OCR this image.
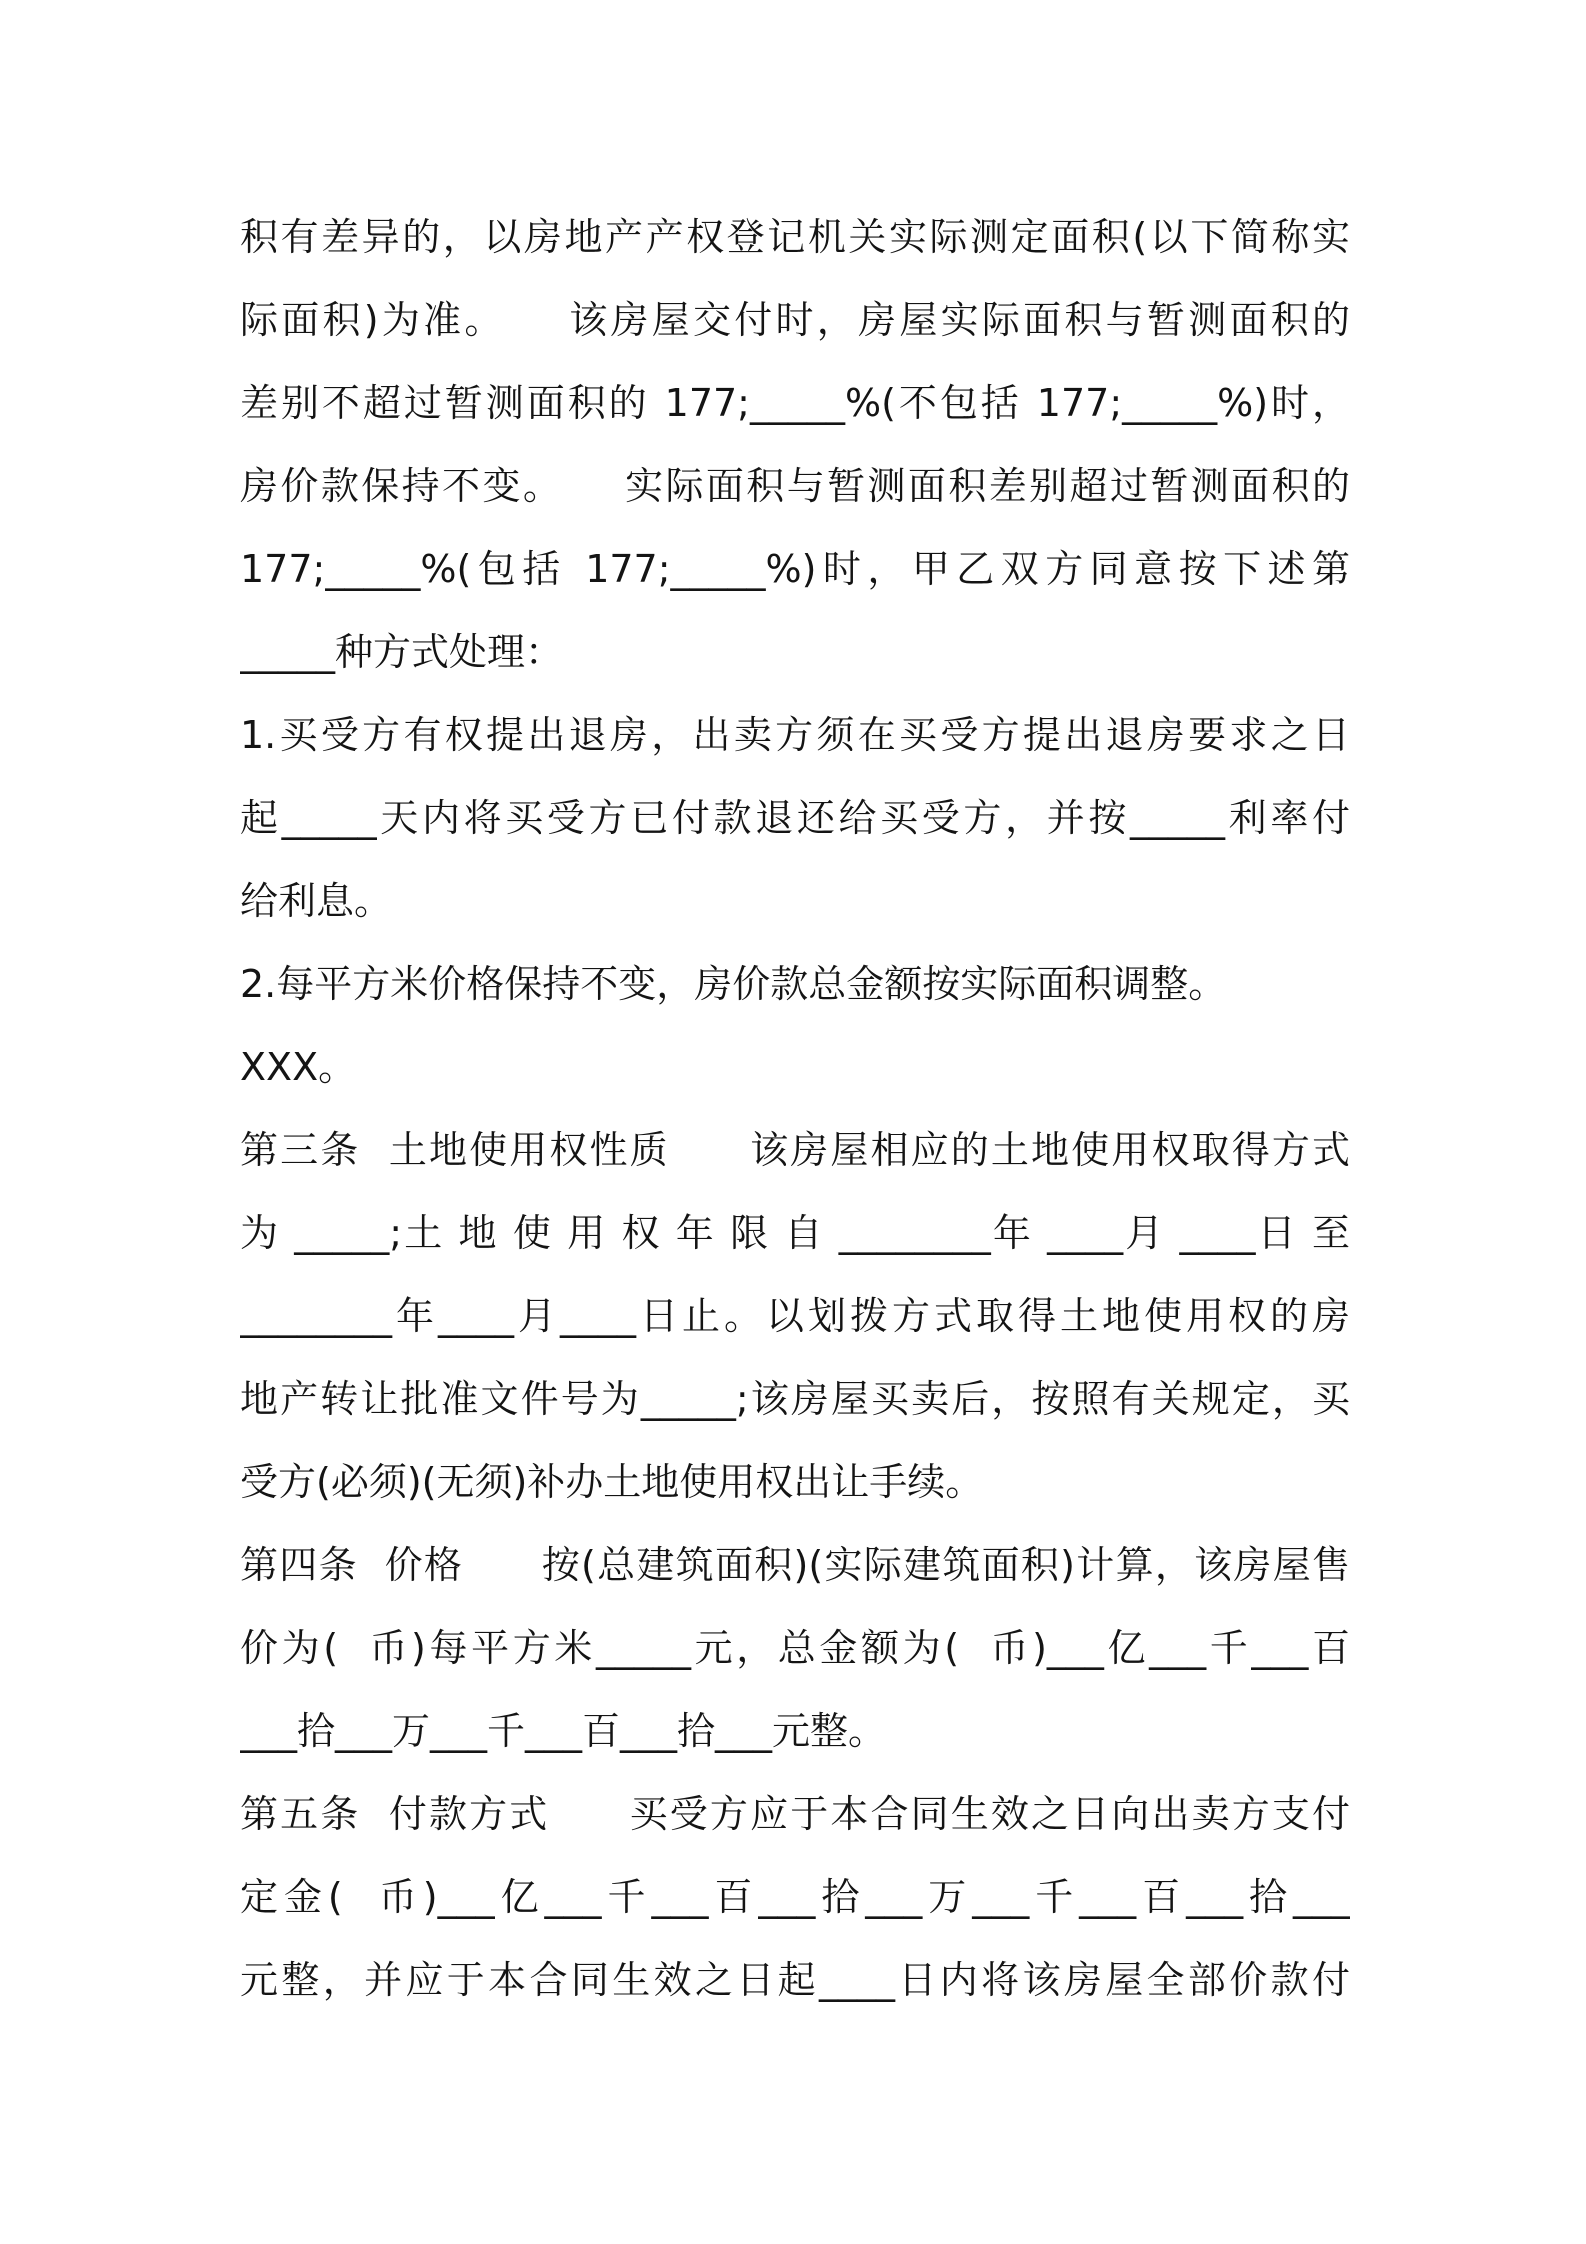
积有差异的，以房地产产权登记机关实际测定面积(以下简称实
际面积)为准。　　该房屋交付时，房屋实际面积与暂测面积的
差别不超过暂测面积的 177;_____%(不包括 177;_____%)时，
房价款保持不变。　　实际面积与暂测面积差别超过暂测面积的
177;_____%(包括 177;_____%)时，甲乙双方同意按下述第
_____种方式处理：
1.买受方有权提出退房，出卖方须在买受方提出退房要求之日
起_____天内将买受方已付款退还给买受方，并按_____利率付
给利息。
2.每平方米价格保持不变，房价款总金额按实际面积调整。
XXX。
第三条  土地使用权性质　　该房屋相应的土地使用权取得方式
为 _____;土 地 使 用 权 年 限 自 ________年 ____月 ____日 至
________年____月____日止。以划拨方式取得土地使用权的房
地产转让批准文件号为_____;该房屋买卖后，按照有关规定，买
受方(必须)(无须)补办土地使用权出让手续。
第四条  价格　　按(总建筑面积)(实际建筑面积)计算，该房屋售
价为(  币)每平方米_____元，总金额为(  币)___亿___千___百
___拾___万___千___百___拾___元整。
第五条  付款方式　　买受方应于本合同生效之日向出卖方支付
定金(  币)___亿___千___百___拾___万___千___百___拾___
元整，并应于本合同生效之日起____日内将该房屋全部价款付
